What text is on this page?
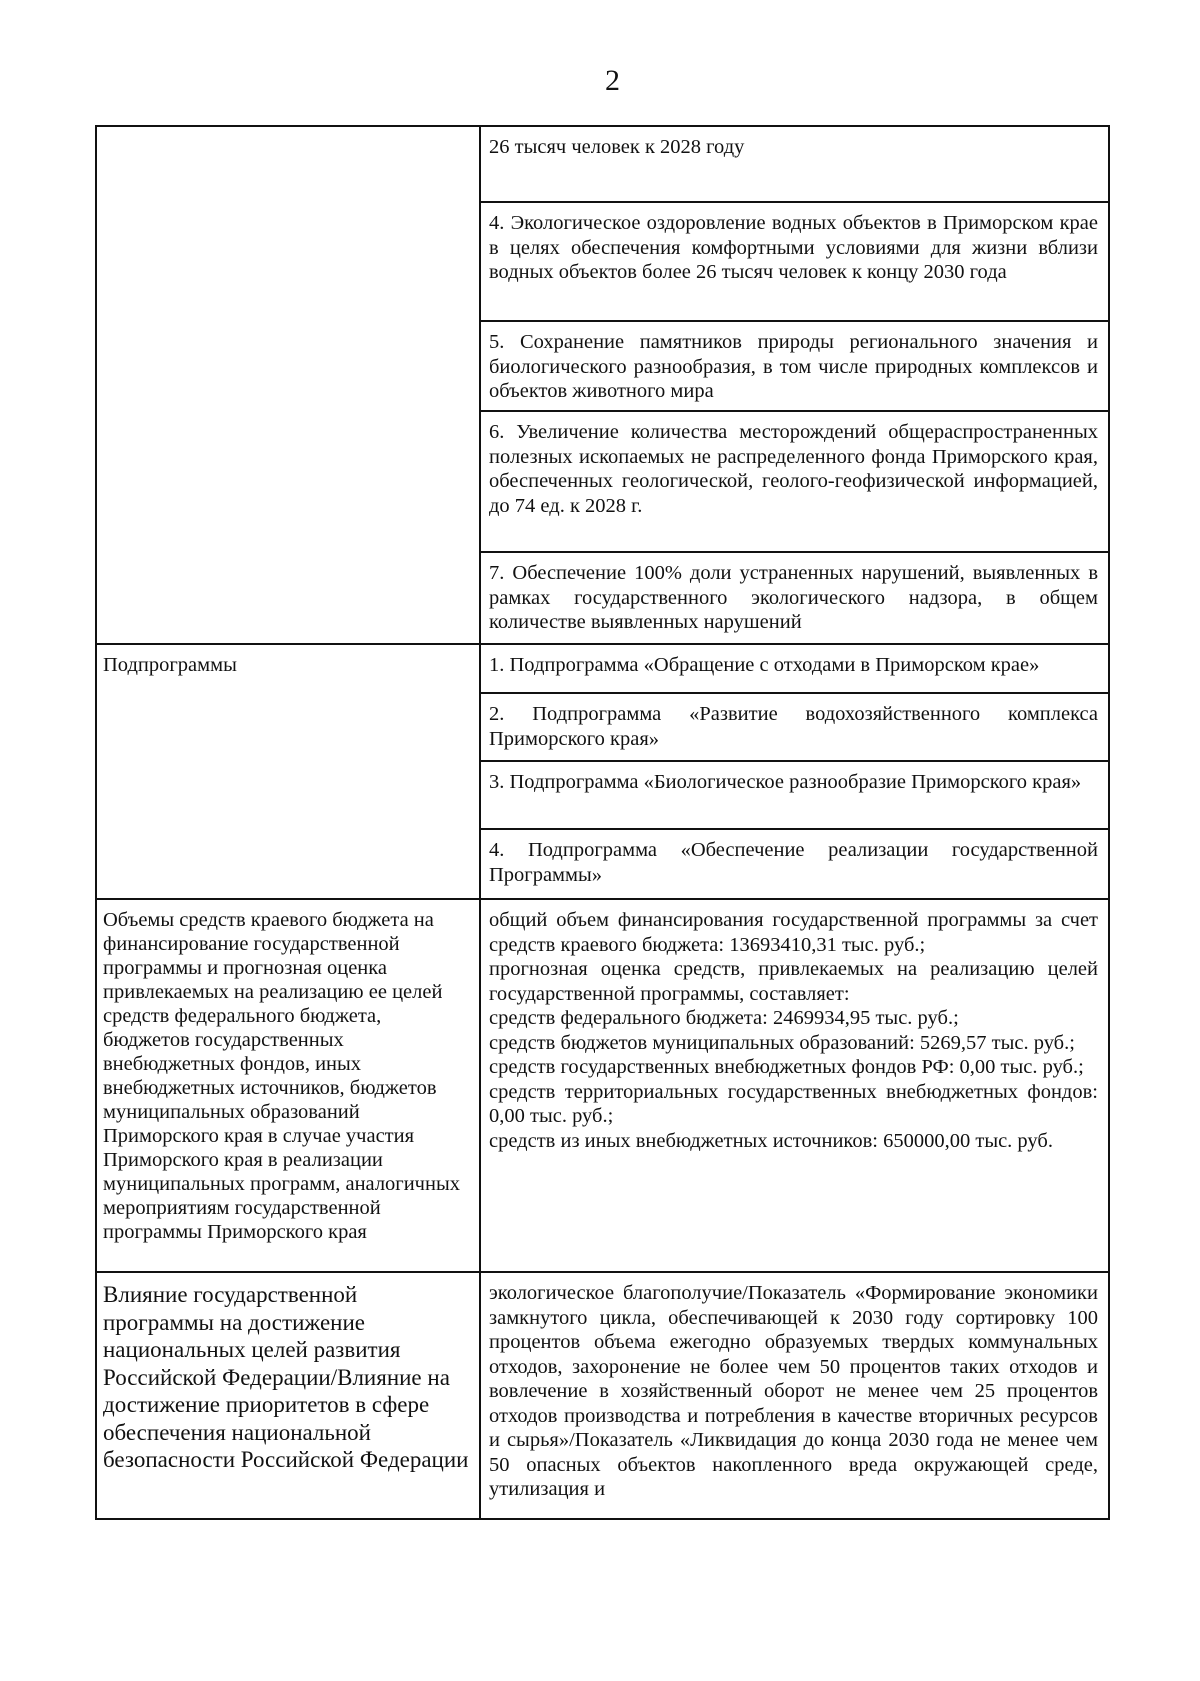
2
26 тысяч человек к 2028 году
4. Экологическое оздоровление водных объектов в Приморском крае в целях обеспечения комфортными условиями для жизни вблизи водных объектов более 26 тысяч человек к концу 2030 года
5. Сохранение памятников природы регионального значения и биологического разнообразия, в том числе природных комплексов и объектов животного мира
6. Увеличение количества месторождений общераспространенных полезных ископаемых не распределенного фонда Приморского края, обеспеченных геологической, геолого-геофизической информацией, до 74 ед. к 2028 г.
7. Обеспечение 100% доли устраненных нарушений, выявленных в рамках государственного экологического надзора, в общем количестве выявленных нарушений
Подпрограммы	1. Подпрограмма «Обращение с отходами в Приморском крае»
2. Подпрограмма «Развитие водохозяйственного комплекса Приморского края»
3. Подпрограмма «Биологическое разнообразие Приморского края»
4. Подпрограмма «Обеспечение реализации государственной Программы»
Объемы средств краевого бюджета на финансирование государственной программы и прогнозная оценка привлекаемых на реализацию ее целей средств федерального бюджета, бюджетов государственных внебюджетных фондов, иных внебюджетных источников, бюджетов муниципальных образований Приморского края в случае участия Приморского края в реализации муниципальных программ, аналогичных мероприятиям государственной программы Приморского края
общий объем финансирования государственной программы за счет средств краевого бюджета: 13693410,31 тыс. руб.;
прогнозная оценка средств, привлекаемых на реализацию целей государственной программы, составляет:
средств федерального бюджета: 2469934,95 тыс. руб.;
средств бюджетов муниципальных образований: 5269,57 тыс. руб.;
средств государственных внебюджетных фондов РФ: 0,00 тыс. руб.;
средств территориальных государственных внебюджетных фондов: 0,00 тыс. руб.;
средств из иных внебюджетных источников: 650000,00 тыс. руб.
Влияние государственной программы на достижение национальных целей развития Российской Федерации/Влияние на достижение приоритетов в сфере обеспечения национальной безопасности Российской Федерации
экологическое благополучие/Показатель «Формирование экономики замкнутого цикла, обеспечивающей к 2030 году сортировку 100 процентов объема ежегодно образуемых твердых коммунальных отходов, захоронение не более чем 50 процентов таких отходов и вовлечение в хозяйственный оборот не менее чем 25 процентов отходов производства и потребления в качестве вторичных ресурсов и сырья»/Показатель «Ликвидация до конца 2030 года не менее чем 50 опасных объектов накопленного вреда окружающей среде, утилизация и
